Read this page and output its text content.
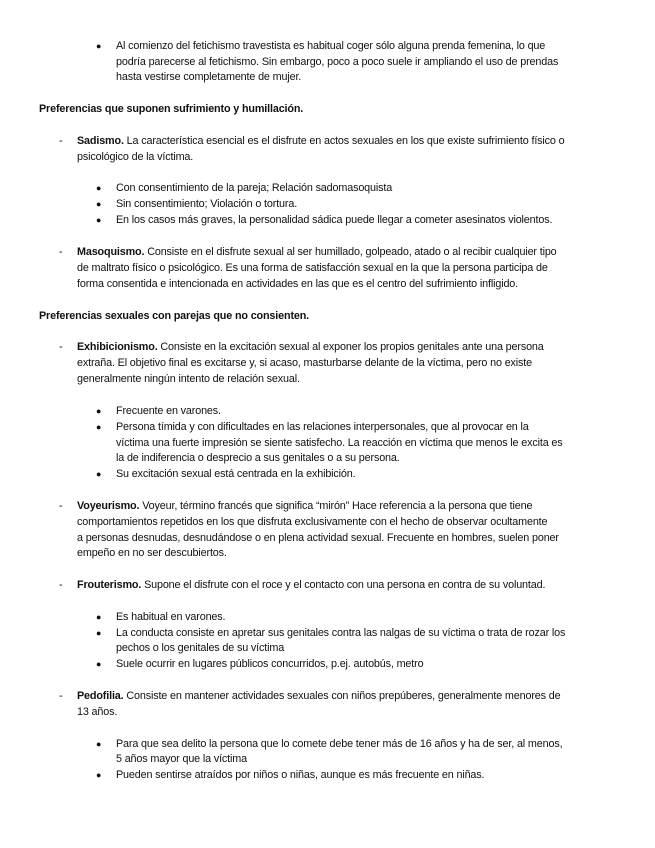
● Al comienzo del fetichismo travestista es habitual coger sólo alguna prenda femenina, lo que
podría parecerse al fetichismo. Sin embargo, poco a poco suele ir ampliando el uso de prendas
hasta vestirse completamente de mujer.
Preferencias que suponen sufrimiento y humillación.
- Sadismo. La característica esencial es el disfrute en actos sexuales en los que existe sufrimiento físico o
psicológico de la víctima.
● Con consentimiento de la pareja; Relación sadomasoquista
● Sin consentimiento; Violación o tortura.
● En los casos más graves, la personalidad sádica puede llegar a cometer asesinatos violentos.
- Masoquismo. Consiste en el disfrute sexual al ser humillado, golpeado, atado o al recibir cualquier tipo
de maltrato físico o psicológico. Es una forma de satisfacción sexual en la que la persona participa de
forma consentida e intencionada en actividades en las que es el centro del sufrimiento infligido.
Preferencias sexuales con parejas que no consienten.
- Exhibicionismo. Consiste en la excitación sexual al exponer los propios genitales ante una persona
extraña. El objetivo final es excitarse y, si acaso, masturbarse delante de la víctima, pero no existe
generalmente ningún intento de relación sexual.
● Frecuente en varones.
● Persona tímida y con dificultades en las relaciones interpersonales, que al provocar en la
víctima una fuerte impresión se siente satisfecho. La reacción en víctima que menos le excita es
la de indiferencia o desprecio a sus genitales o a su persona.
● Su excitación sexual está centrada en la exhibición.
- Voyeurismo. Voyeur, término francés que significa “mirón” Hace referencia a la persona que tiene
comportamientos repetidos en los que disfruta exclusivamente con el hecho de observar ocultamente
a personas desnudas, desnudándose o en plena actividad sexual. Frecuente en hombres, suelen poner
empeño en no ser descubiertos.
- Frouterismo. Supone el disfrute con el roce y el contacto con una persona en contra de su voluntad.
● Es habitual en varones.
● La conducta consiste en apretar sus genitales contra las nalgas de su víctima o trata de rozar los
pechos o los genitales de su víctima
● Suele ocurrir en lugares públicos concurridos, p.ej. autobús, metro
- Pedofilia. Consiste en mantener actividades sexuales con niños prepúberes, generalmente menores de
13 años.
● Para que sea delito la persona que lo comete debe tener más de 16 años y ha de ser, al menos,
5 años mayor que la víctima
● Pueden sentirse atraídos por niños o niñas, aunque es más frecuente en niñas.
